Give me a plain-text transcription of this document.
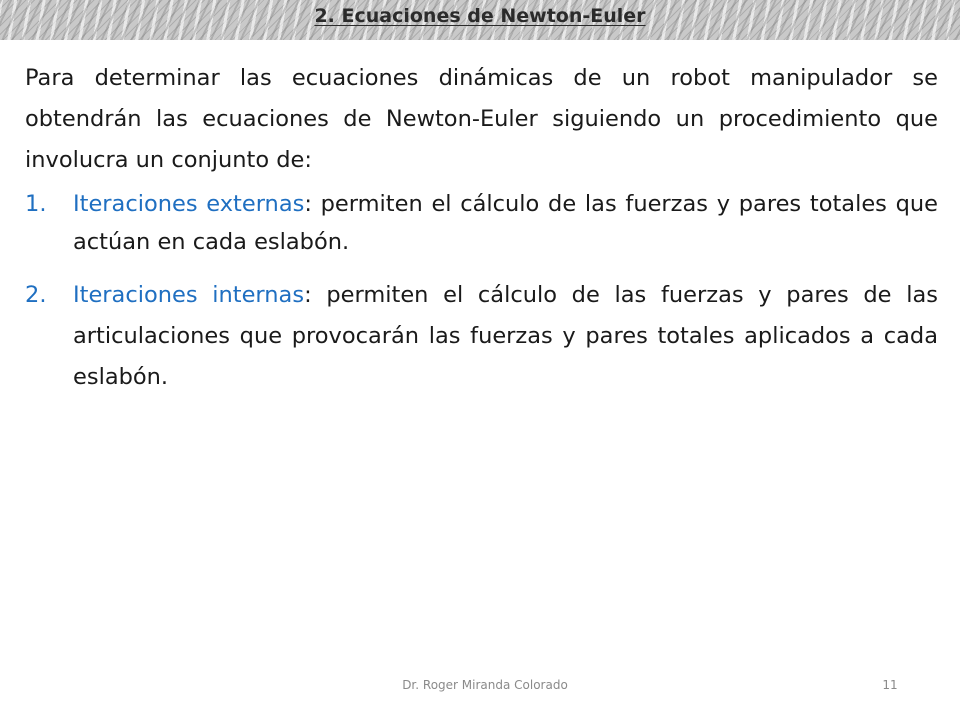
2. Ecuaciones de Newton-Euler

Para determinar las ecuaciones dinámicas de un robot manipulador se obtendrán las ecuaciones de Newton-Euler siguiendo un procedimiento que involucra un conjunto de:

1. Iteraciones externas: permiten el cálculo de las fuerzas y pares totales que actúan en cada eslabón.
2. Iteraciones internas: permiten el cálculo de las fuerzas y pares de las articulaciones que provocarán las fuerzas y pares totales aplicados a cada eslabón.
Dr. Roger Miranda Colorado	11
